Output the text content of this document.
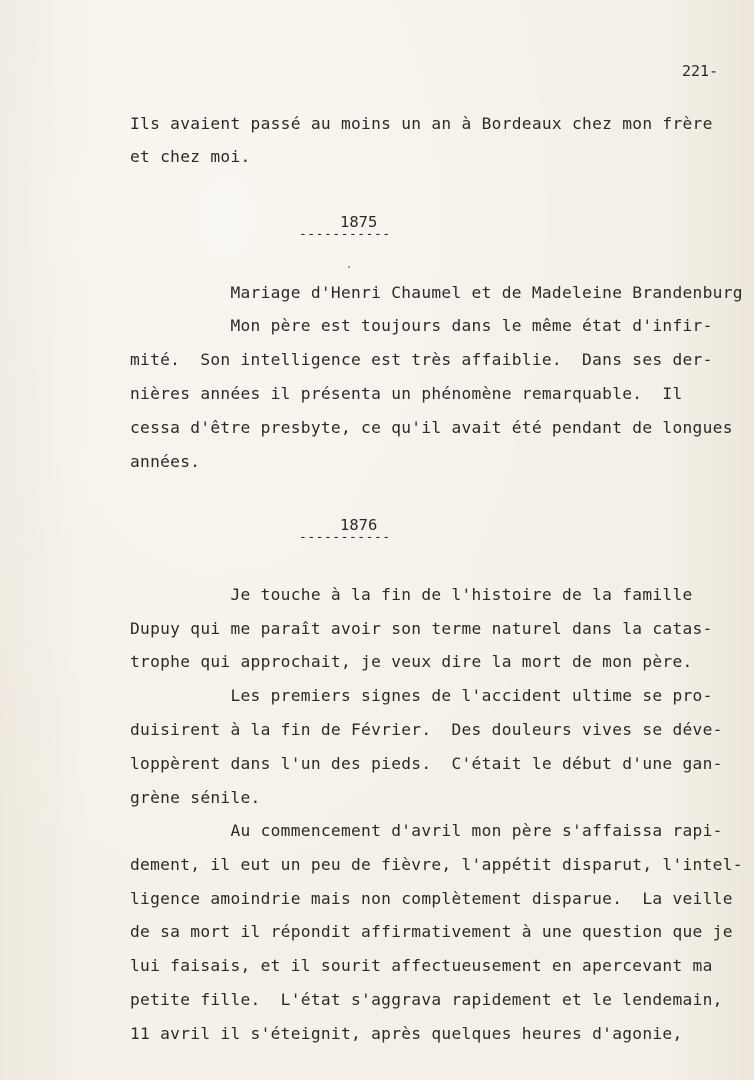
221-
Ils avaient passé au moins un an à Bordeaux chez mon frère
et chez moi.
1875
-----------
Mariage d'Henri Chaumel et de Madeleine Brandenburg
Mon père est toujours dans le même état d'infir-
mité.  Son intelligence est très affaiblie.  Dans ses der-
nières années il présenta un phénomène remarquable.  Il
cessa d'être presbyte, ce qu'il avait été pendant de longues
années.
1876
-----------
Je touche à la fin de l'histoire de la famille
Dupuy qui me paraît avoir son terme naturel dans la catas-
trophe qui approchait, je veux dire la mort de mon père.
Les premiers signes de l'accident ultime se pro-
duisirent à la fin de Février.  Des douleurs vives se déve-
loppèrent dans l'un des pieds.  C'était le début d'une gan-
grène sénile.
Au commencement d'avril mon père s'affaissa rapi-
dement, il eut un peu de fièvre, l'appétit disparut, l'intel-
ligence amoindrie mais non complètement disparue.  La veille
de sa mort il répondit affirmativement à une question que je
lui faisais, et il sourit affectueusement en apercevant ma
petite fille.  L'état s'aggrava rapidement et le lendemain,
11 avril il s'éteignit, après quelques heures d'agonie,
